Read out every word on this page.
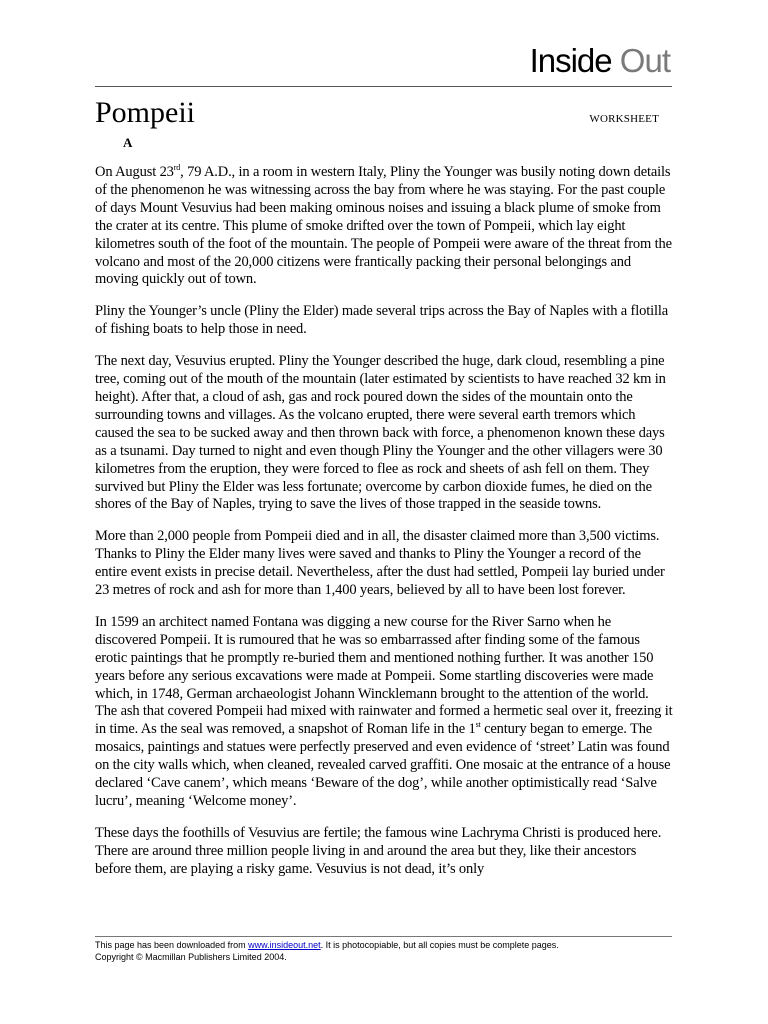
Inside Out
Pompeii	WORKSHEET
A

On August 23rd, 79 A.D., in a room in western Italy, Pliny the Younger was busily noting down details of the phenomenon he was witnessing across the bay from where he was staying. For the past couple of days Mount Vesuvius had been making ominous noises and issuing a black plume of smoke from the crater at its centre. This plume of smoke drifted over the town of Pompeii, which lay eight kilometres south of the foot of the mountain. The people of Pompeii were aware of the threat from the volcano and most of the 20,000 citizens were frantically packing their personal belongings and moving quickly out of town.

Pliny the Younger’s uncle (Pliny the Elder) made several trips across the Bay of Naples with a flotilla of fishing boats to help those in need.

The next day, Vesuvius erupted. Pliny the Younger described the huge, dark cloud, resembling a pine tree, coming out of the mouth of the mountain (later estimated by scientists to have reached 32 km in height). After that, a cloud of ash, gas and rock poured down the sides of the mountain onto the surrounding towns and villages. As the volcano erupted, there were several earth tremors which caused the sea to be sucked away and then thrown back with force, a phenomenon known these days as a tsunami. Day turned to night and even though Pliny the Younger and the other villagers were 30 kilometres from the eruption, they were forced to flee as rock and sheets of ash fell on them. They survived but Pliny the Elder was less fortunate; overcome by carbon dioxide fumes, he died on the shores of the Bay of Naples, trying to save the lives of those trapped in the seaside towns.

More than 2,000 people from Pompeii died and in all, the disaster claimed more than 3,500 victims. Thanks to Pliny the Elder many lives were saved and thanks to Pliny the Younger a record of the entire event exists in precise detail. Nevertheless, after the dust had settled, Pompeii lay buried under 23 metres of rock and ash for more than 1,400 years, believed by all to have been lost forever.

In 1599 an architect named Fontana was digging a new course for the River Sarno when he discovered Pompeii. It is rumoured that he was so embarrassed after finding some of the famous erotic paintings that he promptly re-buried them and mentioned nothing further. It was another 150 years before any serious excavations were made at Pompeii. Some startling discoveries were made which, in 1748, German archaeologist Johann Wincklemann brought to the attention of the world. The ash that covered Pompeii had mixed with rainwater and formed a hermetic seal over it, freezing it in time. As the seal was removed, a snapshot of Roman life in the 1st century began to emerge. The mosaics, paintings and statues were perfectly preserved and even evidence of ‘street’ Latin was found on the city walls which, when cleaned, revealed carved graffiti. One mosaic at the entrance of a house declared ‘Cave canem’, which means ‘Beware of the dog’, while another optimistically read ‘Salve lucru’, meaning ‘Welcome money’.

These days the foothills of Vesuvius are fertile; the famous wine Lachryma Christi is produced here. There are around three million people living in and around the area but they, like their ancestors before them, are playing a risky game. Vesuvius is not dead, it’s only

This page has been downloaded from www.insideout.net. It is photocopiable, but all copies must be complete pages.
Copyright © Macmillan Publishers Limited 2004.
